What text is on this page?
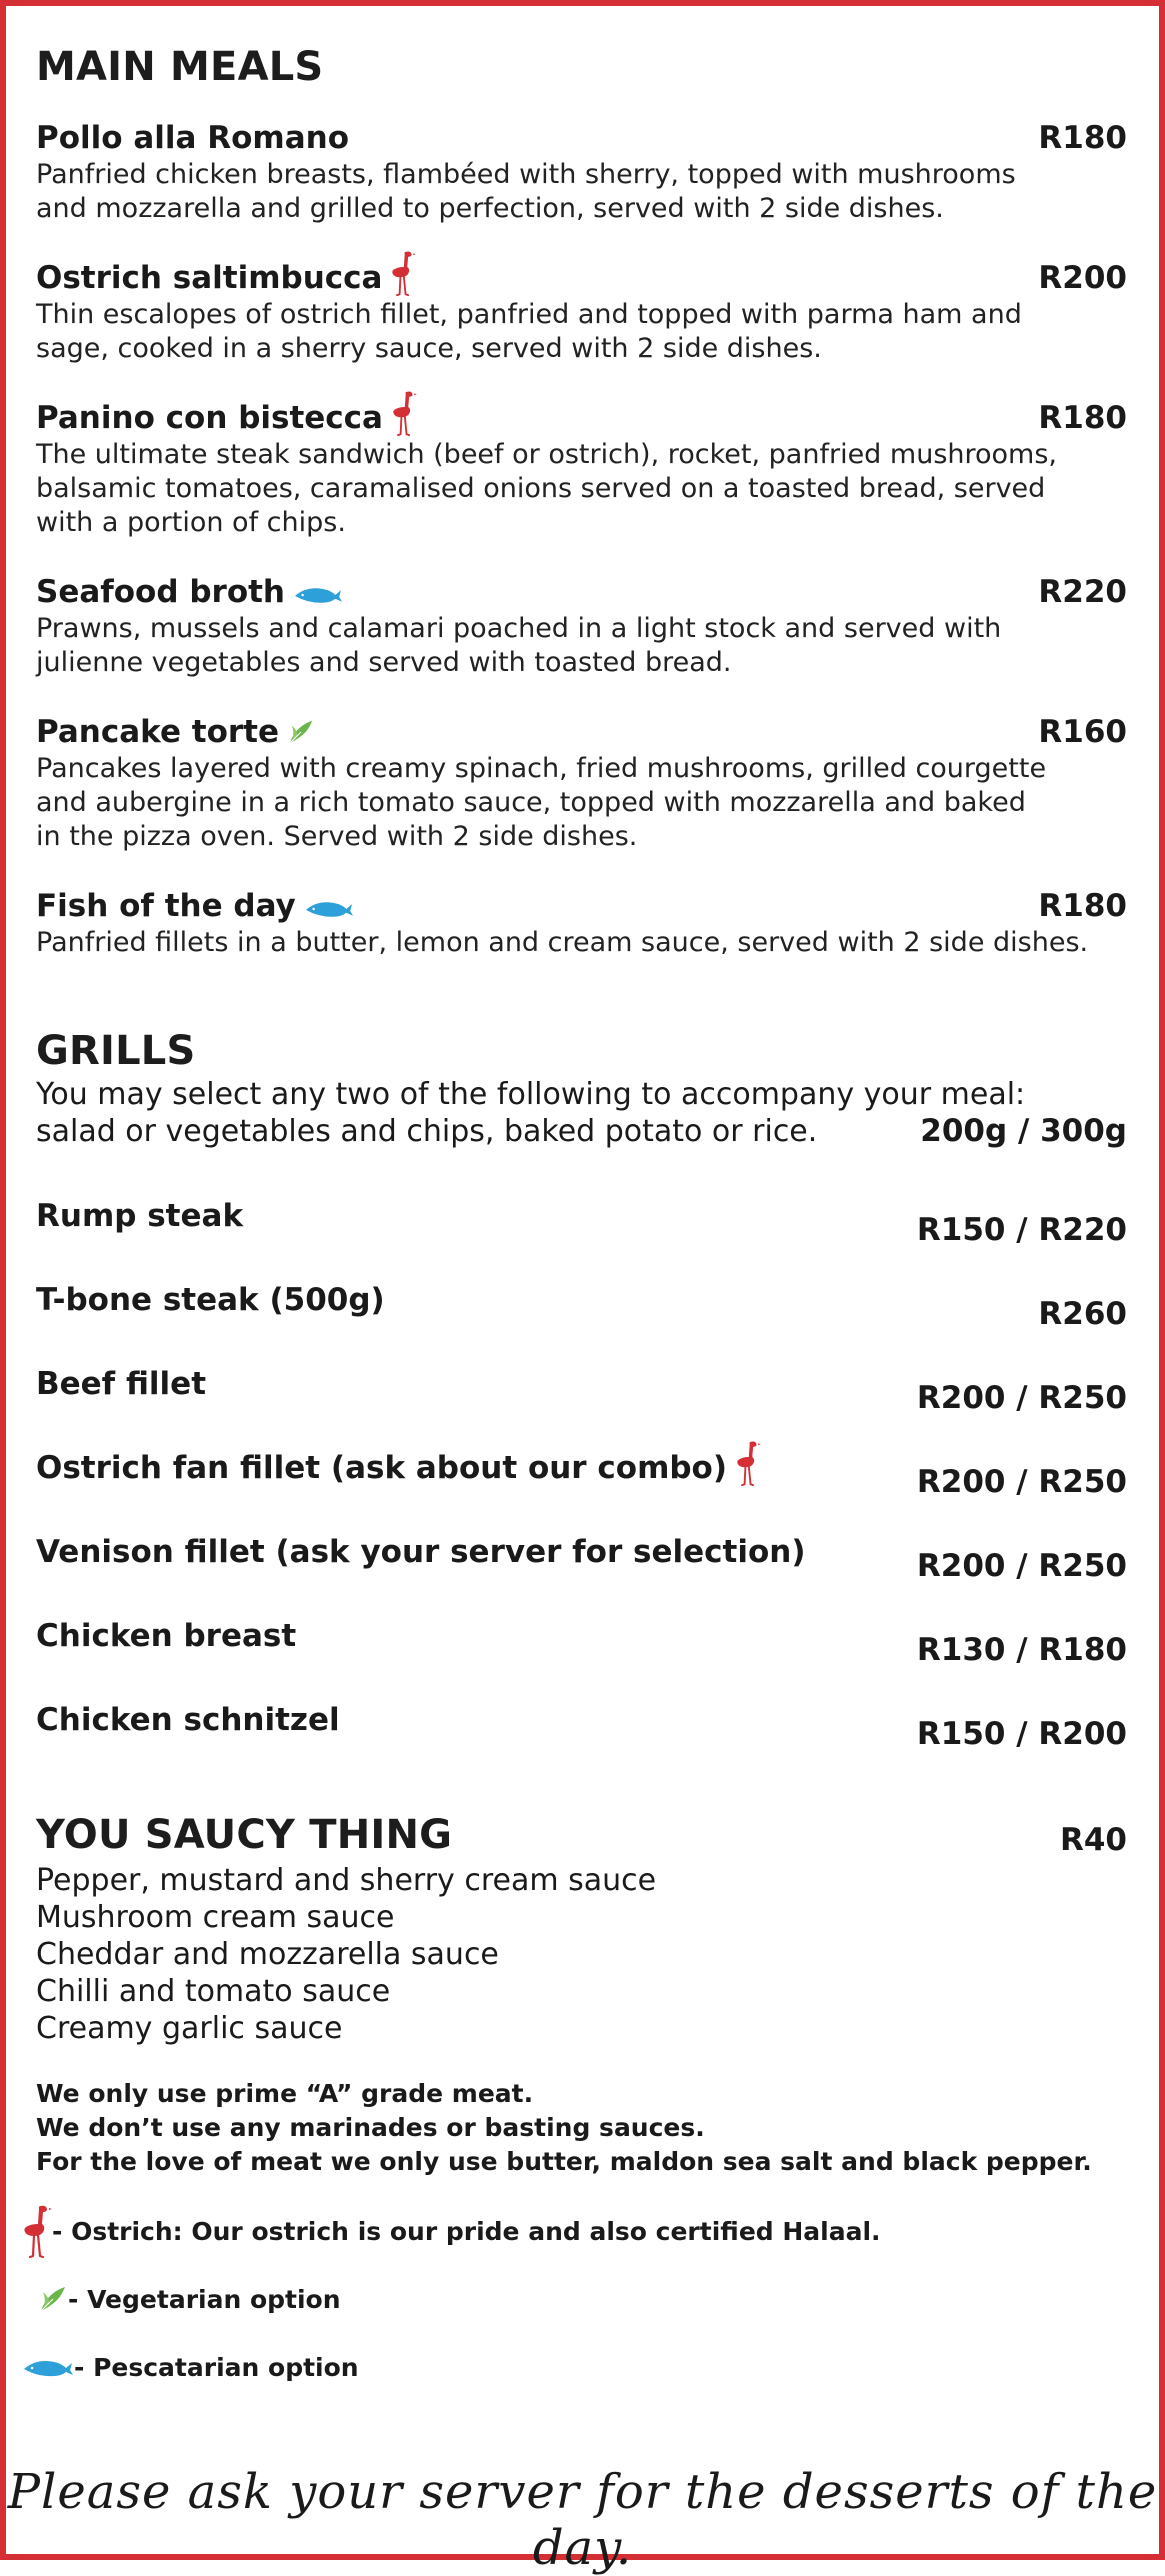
MAIN MEALS
Pollo alla Romano	R180
Panfried chicken breasts, flambéed with sherry, topped with mushrooms
and mozzarella and grilled to perfection, served with 2 side dishes.
Ostrich saltimbucca	R200
Thin escalopes of ostrich fillet, panfried and topped with parma ham and
sage, cooked in a sherry sauce, served with 2 side dishes.
Panino con bistecca	R180
The ultimate steak sandwich (beef or ostrich), rocket, panfried mushrooms,
balsamic tomatoes, caramalised onions served on a toasted bread, served
with a portion of chips.
Seafood broth	R220
Prawns, mussels and calamari poached in a light stock and served with
julienne vegetables and served with toasted bread.
Pancake torte	R160
Pancakes layered with creamy spinach, fried mushrooms, grilled courgette
and aubergine in a rich tomato sauce, topped with mozzarella and baked
in the pizza oven. Served with 2 side dishes.
Fish of the day	R180
Panfried fillets in a butter, lemon and cream sauce, served with 2 side dishes.
GRILLS
You may select any two of the following to accompany your meal:
salad or vegetables and chips, baked potato or rice.	200g / 300g
Rump steak	R150 / R220
T-bone steak (500g)	R260
Beef fillet	R200 / R250
Ostrich fan fillet (ask about our combo)	R200 / R250
Venison fillet (ask your server for selection)	R200 / R250
Chicken breast	R130 / R180
Chicken schnitzel	R150 / R200
YOU SAUCY THING	R40
Pepper, mustard and sherry cream sauce
Mushroom cream sauce
Cheddar and mozzarella sauce
Chilli and tomato sauce
Creamy garlic sauce
We only use prime “A” grade meat.
We don’t use any marinades or basting sauces.
For the love of meat we only use butter, maldon sea salt and black pepper.
- Ostrich: Our ostrich is our pride and also certified Halaal.
- Vegetarian option
- Pescatarian option
Please ask your server for the desserts of the day.
